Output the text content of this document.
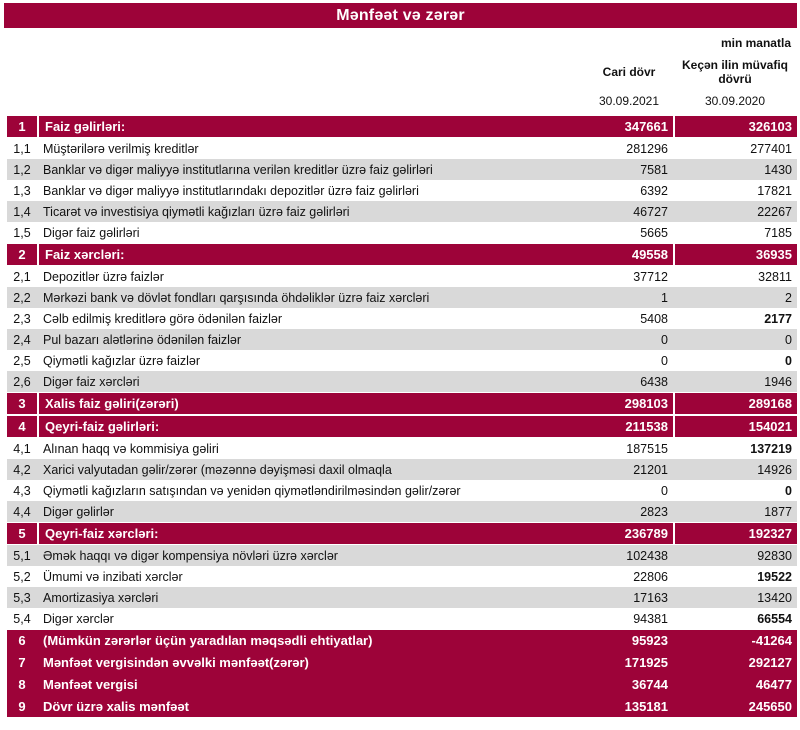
Mənfəət və zərər
min manatla
Cari dövr	Keçən ilin müvafiq dövrü
30.09.2021	30.09.2020
1	Faiz gəlirləri:	347661	326103
1,1 Müştərilərə verilmiş kreditlər	281296	277401
1,2 Banklar və digər maliyyə institutlarına verilən kreditlər üzrə faiz gəlirləri	7581	1430
1,3 Banklar və digər maliyyə institutlarındakı depozitlər üzrə faiz gəlirləri	6392	17821
1,4 Ticarət və investisiya qiymətli kağızları üzrə faiz gəlirləri	46727	22267
1,5 Digər faiz gəlirləri	5665	7185
2	Faiz xərcləri:	49558	36935
2,1 Depozitlər üzrə faizlər	37712	32811
2,2 Mərkəzi bank və dövlət fondları qarşısında öhdəliklər üzrə faiz xərcləri	1	2
2,3 Cəlb edilmiş kreditlərə görə ödənilən faizlər	5408	2177
2,4 Pul bazarı alətlərinə ödənilən faizlər	0	0
2,5 Qiymətli kağızlar üzrə faizlər	0	0
2,6 Digər faiz xərcləri	6438	1946
3	Xalis faiz gəliri(zərəri)	298103	289168
4	Qeyri-faiz gəlirləri:	211538	154021
4,1 Alınan haqq və kommisiya gəliri	187515	137219
4,2 Xarici valyutadan gəlir/zərər (məzənnə dəyişməsi daxil olmaqla	21201	14926
4,3 Qiymətli kağızların satışından və yenidən qiymətləndirilməsindən gəlir/zərər	0	0
4,4 Digər gəlirlər	2823	1877
5	Qeyri-faiz xərcləri:	236789	192327
5,1 Əmək haqqı və digər kompensiya növləri üzrə xərclər	102438	92830
5,2 Ümumi və inzibati xərclər	22806	19522
5,3 Amortizasiya xərcləri	17163	13420
5,4 Digər xərclər	94381	66554
6	(Mümkün zərərlər üçün yaradılan məqsədli ehtiyatlar)	95923	-41264
7	Mənfəət vergisindən əvvəlki mənfəət(zərər)	171925	292127
8	Mənfəət vergisi	36744	46477
9	Dövr üzrə xalis mənfəət	135181	245650
